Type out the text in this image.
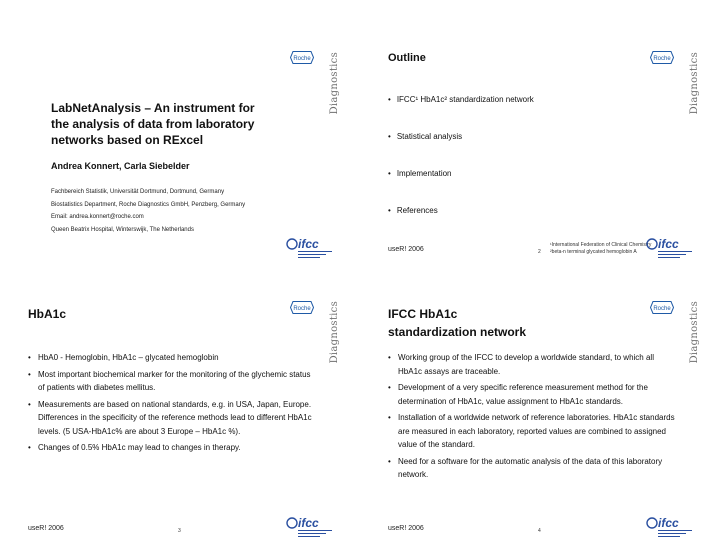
Roche Diagnostics
LabNetAnalysis – An instrument for
the analysis of data from laboratory
networks based on RExcel
Andrea Konnert, Carla Siebelder
Fachbereich Statistik, Universität Dortmund, Dortmund, Germany
Biostatistics Department, Roche Diagnostics GmbH, Penzberg, Germany
Email: andrea.konnert@roche.com
Queen Beatrix Hospital, Winterswijk, The Netherlands
ifcc
Roche Diagnostics
Outline
• IFCC¹ HbA1c² standardization network
• Statistical analysis
• Implementation
• References
useR! 2006	2
¹International Federation of Clinical Chemistry
²beta-n terminal glycated hemoglobin A
ifcc
Roche Diagnostics
HbA1c
• HbA0 - Hemoglobin, HbA1c – glycated hemoglobin
• Most important biochemical marker for the monitoring of the glychemic status of patients with diabetes mellitus.
• Measurements are based on national standards, e.g. in USA, Japan, Europe. Differences in the specificity of the reference methods lead to different HbA1c levels. (5 USA-HbA1c% are about 3 Europe – HbA1c %).
• Changes of 0.5% HbA1c may lead to changes in therapy.
useR! 2006	3
ifcc
Roche Diagnostics
IFCC HbA1c
standardization network
• Working group of the IFCC to develop a worldwide standard, to which all HbA1c assays are traceable.
• Development of a very specific reference measurement method for the determination of HbA1c, value assignment to HbA1c standards.
• Installation of a worldwide network of reference laboratories. HbA1c standards are measured in each laboratory, reported values are combined to assigned value of the standard.
• Need for a software for the automatic analysis of the data of this laboratory network.
useR! 2006	4
ifcc
